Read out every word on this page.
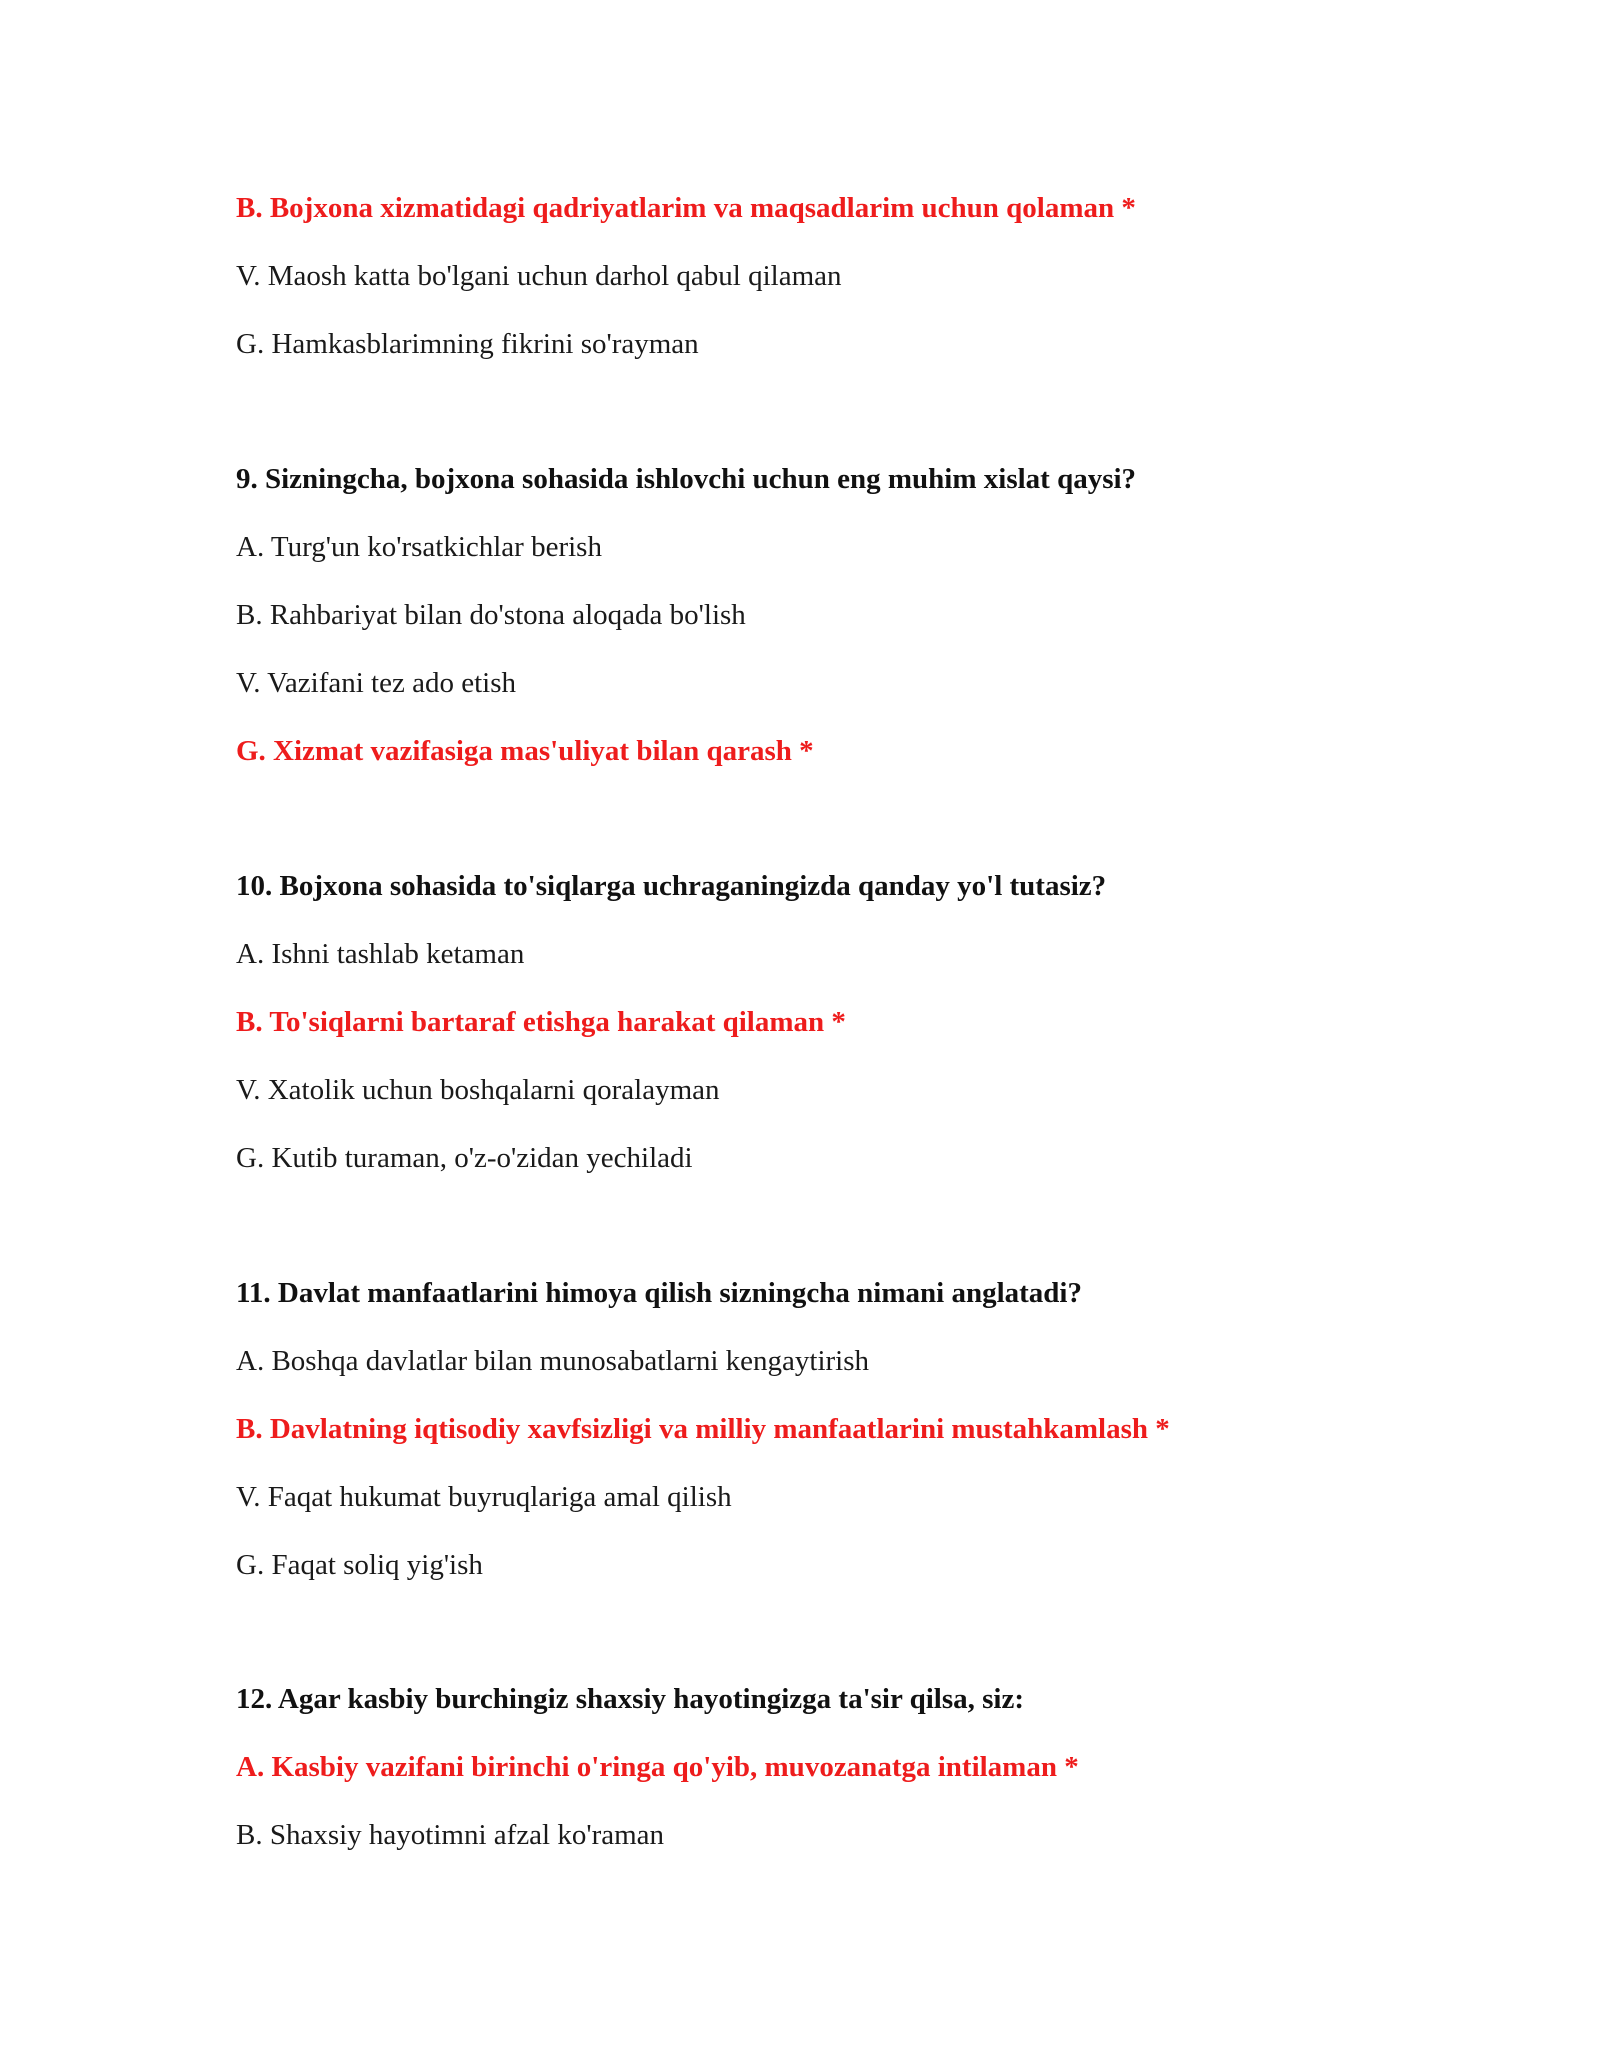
B. Bojxona xizmatidagi qadriyatlarim va maqsadlarim uchun qolaman *
V. Maosh katta bo'lgani uchun darhol qabul qilaman
G. Hamkasblarimning fikrini so'rayman
9. Sizningcha, bojxona sohasida ishlovchi uchun eng muhim xislat qaysi?
A. Turg'un ko'rsatkichlar berish
B. Rahbariyat bilan do'stona aloqada bo'lish
V. Vazifani tez ado etish
G. Xizmat vazifasiga mas'uliyat bilan qarash *
10. Bojxona sohasida to'siqlarga uchraganingizda qanday yo'l tutasiz?
A. Ishni tashlab ketaman
B. To'siqlarni bartaraf etishga harakat qilaman *
V. Xatolik uchun boshqalarni qoralayman
G. Kutib turaman, o'z-o'zidan yechiladi
11. Davlat manfaatlarini himoya qilish sizningcha nimani anglatadi?
A. Boshqa davlatlar bilan munosabatlarni kengaytirish
B. Davlatning iqtisodiy xavfsizligi va milliy manfaatlarini mustahkamlash *
V. Faqat hukumat buyruqlariga amal qilish
G. Faqat soliq yig'ish
12. Agar kasbiy burchingiz shaxsiy hayotingizga ta'sir qilsa, siz:
A. Kasbiy vazifani birinchi o'ringa qo'yib, muvozanatga intilaman *
B. Shaxsiy hayotimni afzal ko'raman
